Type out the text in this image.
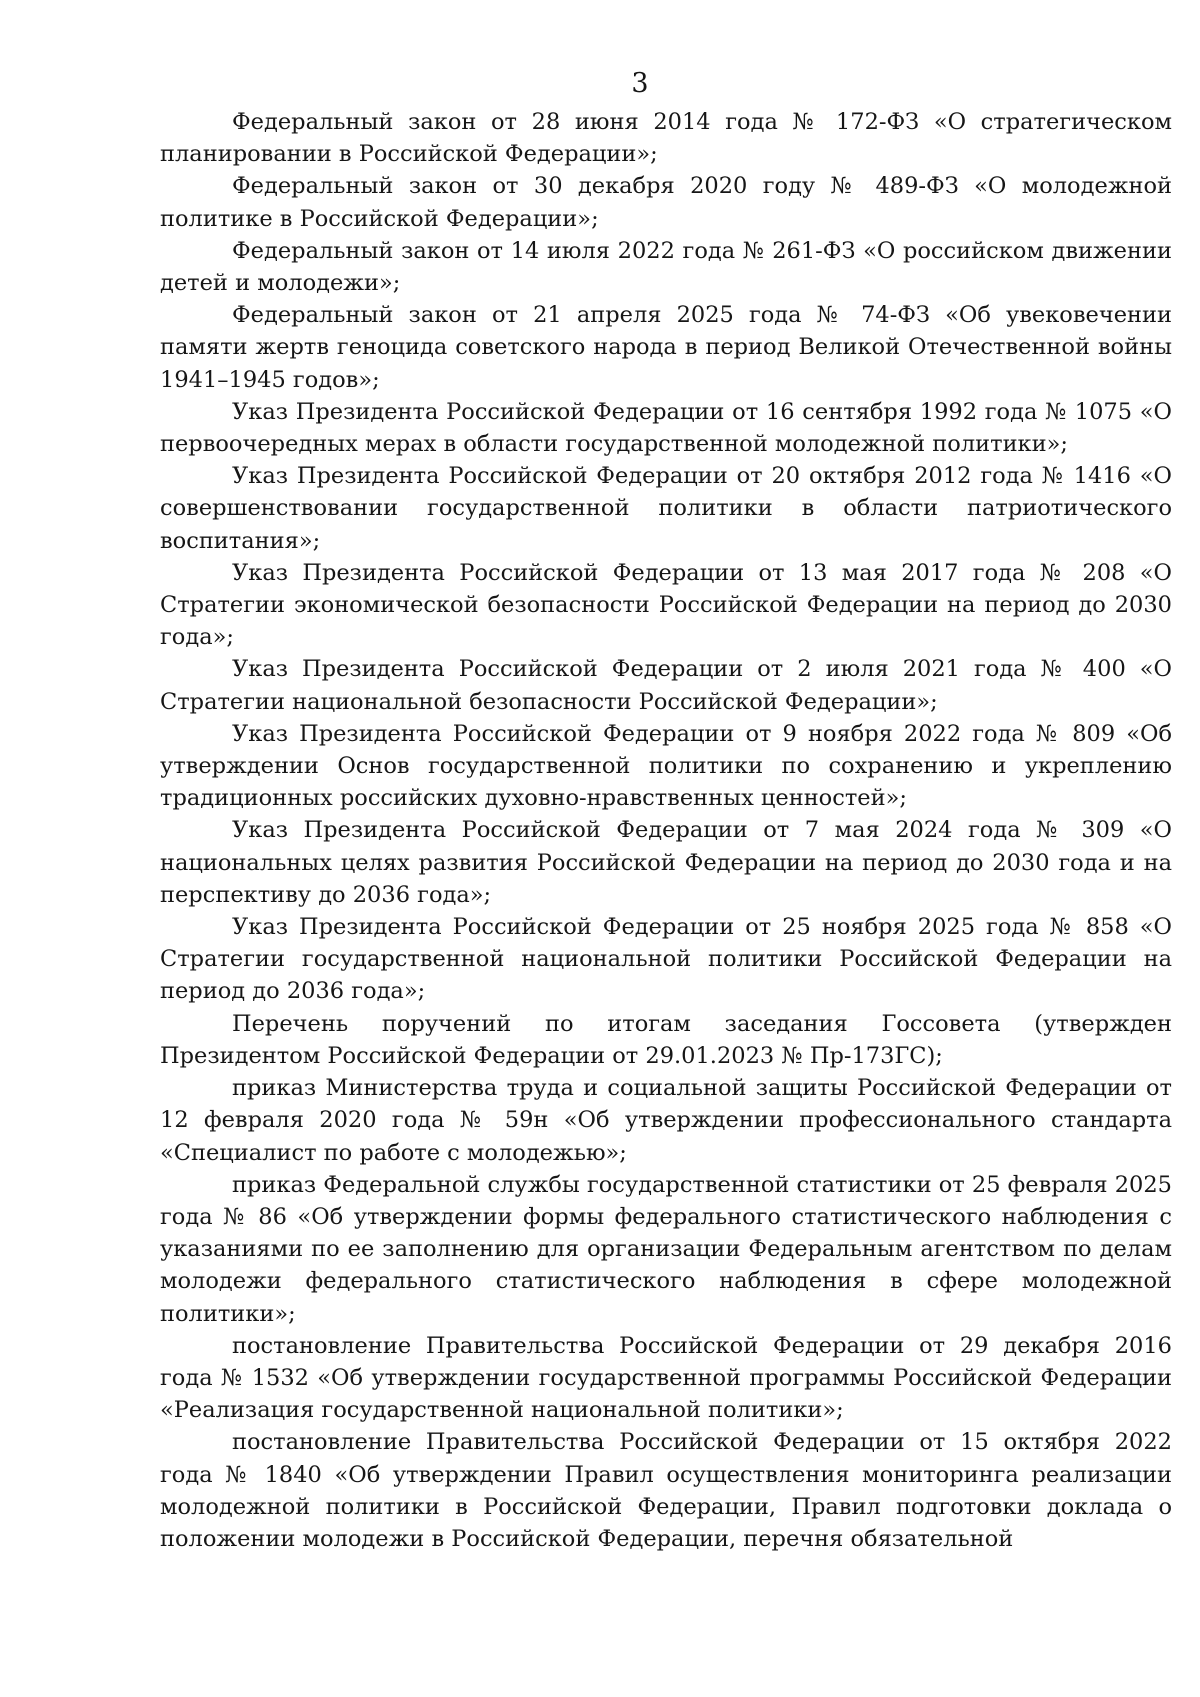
3

Федеральный закон от 28 июня 2014 года № 172-ФЗ «О стратегическом планировании в Российской Федерации»;

Федеральный закон от 30 декабря 2020 году № 489-ФЗ «О молодежной политике в Российской Федерации»;

Федеральный закон от 14 июля 2022 года № 261-ФЗ «О российском движении детей и молодежи»;

Федеральный закон от 21 апреля 2025 года № 74-ФЗ «Об увековечении памяти жертв геноцида советского народа в период Великой Отечественной войны 1941–1945 годов»;

Указ Президента Российской Федерации от 16 сентября 1992 года № 1075 «О первоочередных мерах в области государственной молодежной политики»;

Указ Президента Российской Федерации от 20 октября 2012 года № 1416 «О совершенствовании государственной политики в области патриотического воспитания»;

Указ Президента Российской Федерации от 13 мая 2017 года № 208 «О Стратегии экономической безопасности Российской Федерации на период до 2030 года»;

Указ Президента Российской Федерации от 2 июля 2021 года № 400 «О Стратегии национальной безопасности Российской Федерации»;

Указ Президента Российской Федерации от 9 ноября 2022 года № 809 «Об утверждении Основ государственной политики по сохранению и укреплению традиционных российских духовно-нравственных ценностей»;

Указ Президента Российской Федерации от 7 мая 2024 года № 309 «О национальных целях развития Российской Федерации на период до 2030 года и на перспективу до 2036 года»;

Указ Президента Российской Федерации от 25 ноября 2025 года № 858 «О Стратегии государственной национальной политики Российской Федерации на период до 2036 года»;

Перечень поручений по итогам заседания Госсовета (утвержден Президентом Российской Федерации от 29.01.2023 № Пр-173ГС);

приказ Министерства труда и социальной защиты Российской Федерации от 12 февраля 2020 года № 59н «Об утверждении профессионального стандарта «Специалист по работе с молодежью»;

приказ Федеральной службы государственной статистики от 25 февраля 2025 года № 86 «Об утверждении формы федерального статистического наблюдения с указаниями по ее заполнению для организации Федеральным агентством по делам молодежи федерального статистического наблюдения в сфере молодежной политики»;

постановление Правительства Российской Федерации от 29 декабря 2016 года № 1532 «Об утверждении государственной программы Российской Федерации «Реализация государственной национальной политики»;

постановление Правительства Российской Федерации от 15 октября 2022 года № 1840 «Об утверждении Правил осуществления мониторинга реализации молодежной политики в Российской Федерации, Правил подготовки доклада о положении молодежи в Российской Федерации, перечня обязательной
